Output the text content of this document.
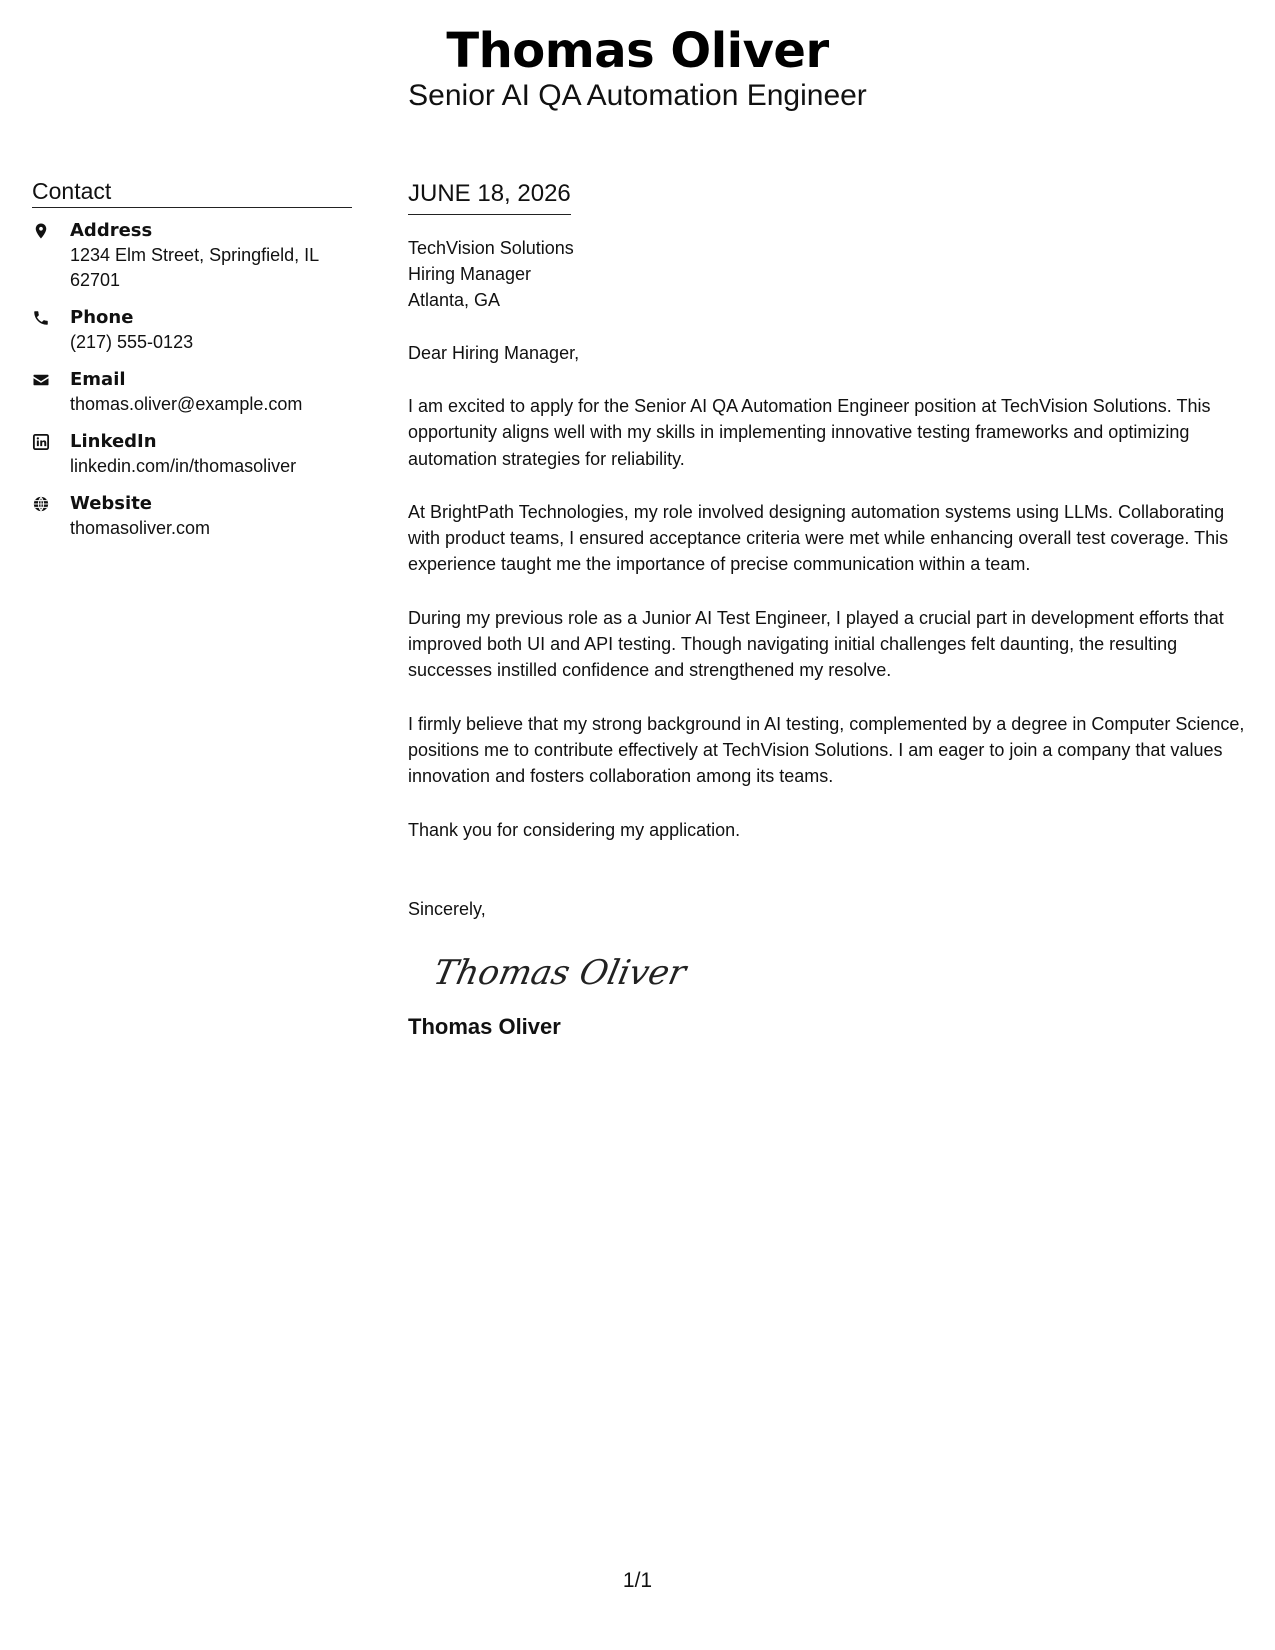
Thomas Oliver
Senior AI QA Automation Engineer
Contact
Address
1234 Elm Street, Springfield, IL 62701
Phone
(217) 555-0123
Email
thomas.oliver@example.com
LinkedIn
linkedin.com/in/thomasoliver
Website
thomasoliver.com
JUNE 18, 2026
TechVision Solutions
Hiring Manager
Atlanta, GA
Dear Hiring Manager,
I am excited to apply for the Senior AI QA Automation Engineer position at TechVision Solutions. This opportunity aligns well with my skills in implementing innovative testing frameworks and optimizing automation strategies for reliability.
At BrightPath Technologies, my role involved designing automation systems using LLMs. Collaborating with product teams, I ensured acceptance criteria were met while enhancing overall test coverage. This experience taught me the importance of precise communication within a team.
During my previous role as a Junior AI Test Engineer, I played a crucial part in development efforts that improved both UI and API testing. Though navigating initial challenges felt daunting, the resulting successes instilled confidence and strengthened my resolve.
I firmly believe that my strong background in AI testing, complemented by a degree in Computer Science, positions me to contribute effectively at TechVision Solutions. I am eager to join a company that values innovation and fosters collaboration among its teams.
Thank you for considering my application.
Sincerely,
Thomas Oliver
Thomas Oliver
1/1
